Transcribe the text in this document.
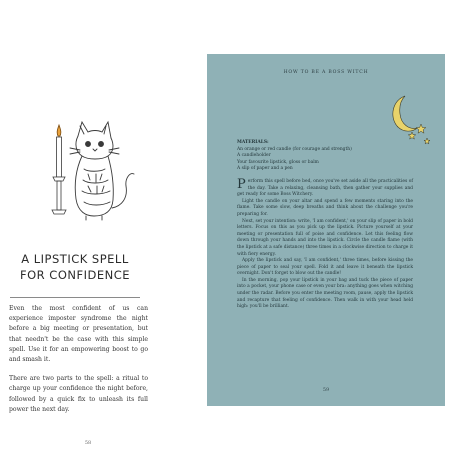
A LIPSTICK SPELL
FOR CONFIDENCE

Even the most confident of us can experience imposter syndrome the night before a big meeting or presentation, but that needn't be the case with this simple spell. Use it for an empowering boost to go and smash it.

There are two parts to the spell: a ritual to charge up your confidence the night before, followed by a quick fix to unleash its full power the next day.

58
HOW TO BE A BOSS WITCH
MATERIALS:
An orange or red candle (for courage and strength)
A candleholder
Your favourite lipstick, gloss or balm
A slip of paper and a pen

Perform this spell before bed, once you've set aside all the practicalities of the day. Take a relaxing, cleansing bath, then gather your supplies and get ready for some Boss Witchery.

Light the candle on your altar and spend a few moments staring into the flame. Take some slow, deep breaths and think about the challenge you're preparing for.

Next, set your intention: write, 'I am confident,' on your slip of paper in bold letters. Focus on this as you pick up the lipstick. Picture yourself at your meeting or presentation full of poise and confidence. Let this feeling flow down through your hands and into the lipstick. Circle the candle flame (with the lipstick at a safe distance) three times in a clockwise direction to charge it with fiery energy.

Apply the lipstick and say, 'I am confident,' three times, before kissing the piece of paper to seal your spell. Fold it and leave it beneath the lipstick overnight. Don't forget to blow out the candle!

In the morning, pop your lipstick in your bag and tuck the piece of paper into a pocket, your phone case or even your bra: anything goes when witching under the radar. Before you enter the meeting room, pause, apply the lipstick and recapture that feeling of confidence. Then walk in with your head held high: you'll be brilliant.

59
